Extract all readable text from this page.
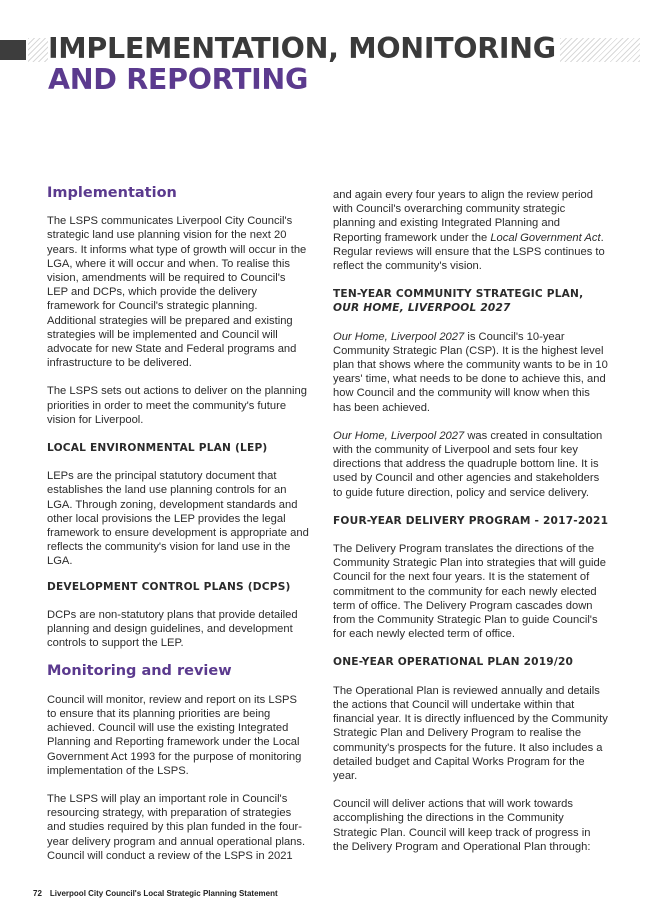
IMPLEMENTATION, MONITORING
AND REPORTING
Implementation

The LSPS communicates Liverpool City Council's strategic land use planning vision for the next 20 years. It informs what type of growth will occur in the LGA, where it will occur and when. To realise this vision, amendments will be required to Council's LEP and DCPs, which provide the delivery framework for Council's strategic planning. Additional strategies will be prepared and existing strategies will be implemented and Council will advocate for new State and Federal programs and infrastructure to be delivered.

The LSPS sets out actions to deliver on the planning priorities in order to meet the community's future vision for Liverpool.

LOCAL ENVIRONMENTAL PLAN (LEP)

LEPs are the principal statutory document that establishes the land use planning controls for an LGA. Through zoning, development standards and other local provisions the LEP provides the legal framework to ensure development is appropriate and reflects the community's vision for land use in the LGA.

DEVELOPMENT CONTROL PLANS (DCPS)

DCPs are non-statutory plans that provide detailed planning and design guidelines, and development controls to support the LEP.

Monitoring and review

Council will monitor, review and report on its LSPS to ensure that its planning priorities are being achieved. Council will use the existing Integrated Planning and Reporting framework under the Local Government Act 1993 for the purpose of monitoring implementation of the LSPS.

The LSPS will play an important role in Council's resourcing strategy, with preparation of strategies and studies required by this plan funded in the four-year delivery program and annual operational plans. Council will conduct a review of the LSPS in 2021

and again every four years to align the review period with Council's overarching community strategic planning and existing Integrated Planning and Reporting framework under the Local Government Act. Regular reviews will ensure that the LSPS continues to reflect the community's vision.

TEN-YEAR COMMUNITY STRATEGIC PLAN, OUR HOME, LIVERPOOL 2027

Our Home, Liverpool 2027 is Council's 10-year Community Strategic Plan (CSP). It is the highest level plan that shows where the community wants to be in 10 years' time, what needs to be done to achieve this, and how Council and the community will know when this has been achieved.

Our Home, Liverpool 2027 was created in consultation with the community of Liverpool and sets four key directions that address the quadruple bottom line. It is used by Council and other agencies and stakeholders to guide future direction, policy and service delivery.

FOUR-YEAR DELIVERY PROGRAM - 2017-2021

The Delivery Program translates the directions of the Community Strategic Plan into strategies that will guide Council for the next four years. It is the statement of commitment to the community for each newly elected term of office. The Delivery Program cascades down from the Community Strategic Plan to guide Council's for each newly elected term of office.

ONE-YEAR OPERATIONAL PLAN 2019/20

The Operational Plan is reviewed annually and details the actions that Council will undertake within that financial year. It is directly influenced by the Community Strategic Plan and Delivery Program to realise the community's prospects for the future. It also includes a detailed budget and Capital Works Program for the year.

Council will deliver actions that will work towards accomplishing the directions in the Community Strategic Plan. Council will keep track of progress in the Delivery Program and Operational Plan through:

72 Liverpool City Council's Local Strategic Planning Statement
